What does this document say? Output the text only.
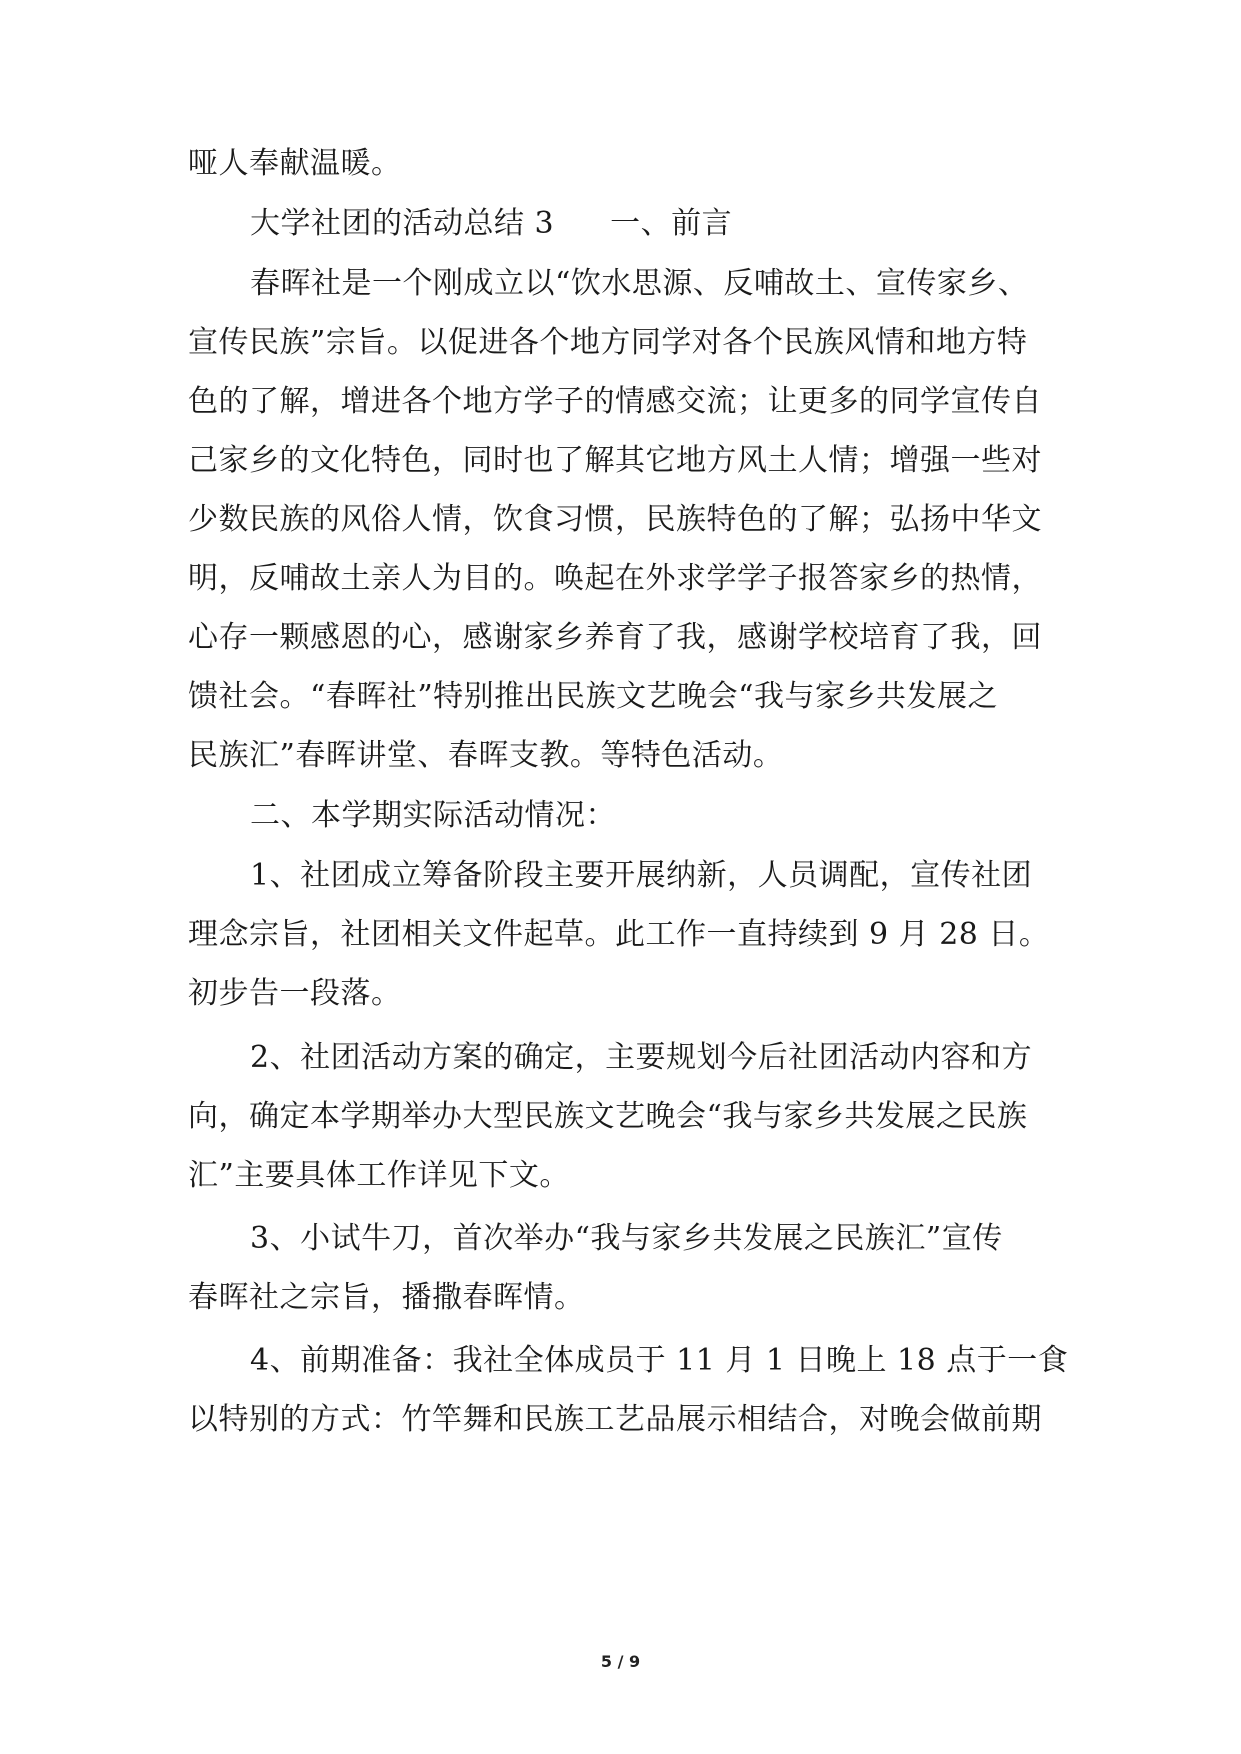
哑人奉献温暖。
大学社团的活动总结 3 一、前言
春晖社是一个刚成立以“饮水思源、反哺故土、宣传家乡、
宣传民族”宗旨。以促进各个地方同学对各个民族风情和地方特
色的了解，增进各个地方学子的情感交流；让更多的同学宣传自
己家乡的文化特色，同时也了解其它地方风土人情；增强一些对
少数民族的风俗人情，饮食习惯，民族特色的了解；弘扬中华文
明，反哺故土亲人为目的。唤起在外求学学子报答家乡的热情，
心存一颗感恩的心，感谢家乡养育了我，感谢学校培育了我，回
馈社会。“春晖社”特别推出民族文艺晚会“我与家乡共发展之
民族汇”春晖讲堂、春晖支教。等特色活动。
二、本学期实际活动情况：
1、社团成立筹备阶段主要开展纳新，人员调配，宣传社团
理念宗旨，社团相关文件起草。此工作一直持续到 9 月 28 日。
初步告一段落。
2、社团活动方案的确定，主要规划今后社团活动内容和方
向，确定本学期举办大型民族文艺晚会“我与家乡共发展之民族
汇”主要具体工作详见下文。
3、小试牛刀，首次举办“我与家乡共发展之民族汇”宣传
春晖社之宗旨，播撒春晖情。
4、前期准备：我社全体成员于 11 月 1 日晚上 18 点于一食
以特别的方式：竹竿舞和民族工艺品展示相结合，对晚会做前期
5 / 9
